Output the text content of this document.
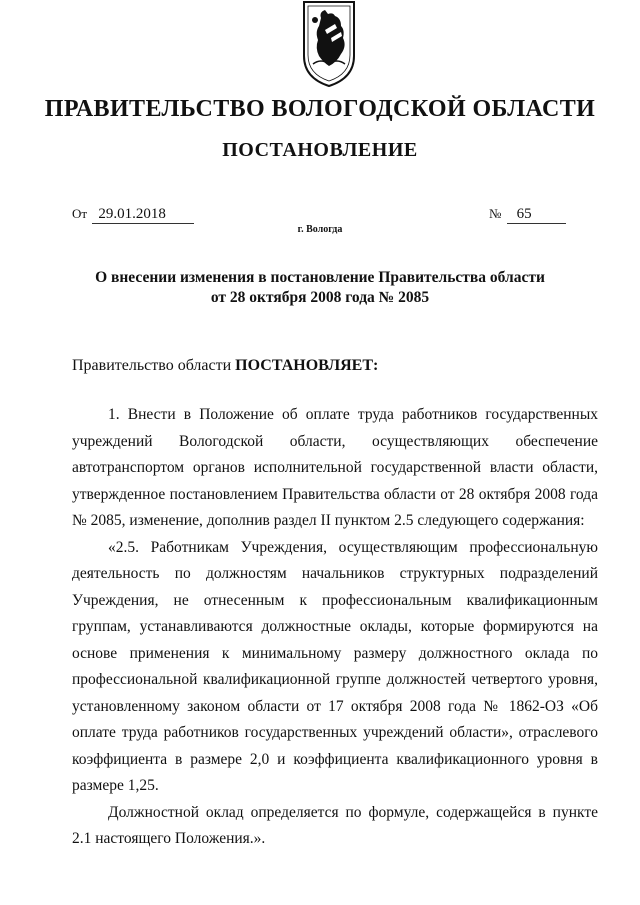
ПРАВИТЕЛЬСТВО ВОЛОГОДСКОЙ ОБЛАСТИ
ПОСТАНОВЛЕНИЕ
От 29.01.2018	№ 65
г. Вологда
О внесении изменения в постановление Правительства области
от 28 октября 2008 года № 2085
Правительство области ПОСТАНОВЛЯЕТ:

1. Внести в Положение об оплате труда работников государственных учреждений Вологодской области, осуществляющих обеспечение автотранспортом органов исполнительной государственной власти области, утвержденное постановлением Правительства области от 28 октября 2008 года № 2085, изменение, дополнив раздел II пунктом 2.5 следующего содержания:

«2.5. Работникам Учреждения, осуществляющим профессиональную деятельность по должностям начальников структурных подразделений Учреждения, не отнесенным к профессиональным квалификационным группам, устанавливаются должностные оклады, которые формируются на основе применения к минимальному размеру должностного оклада по профессиональной квалификационной группе должностей четвертого уровня, установленному законом области от 17 октября 2008 года № 1862-ОЗ «Об оплате труда работников государственных учреждений области», отраслевого коэффициента в размере 2,0 и коэффициента квалификационного уровня в размере 1,25.

Должностной оклад определяется по формуле, содержащейся в пункте 2.1 настоящего Положения.».
